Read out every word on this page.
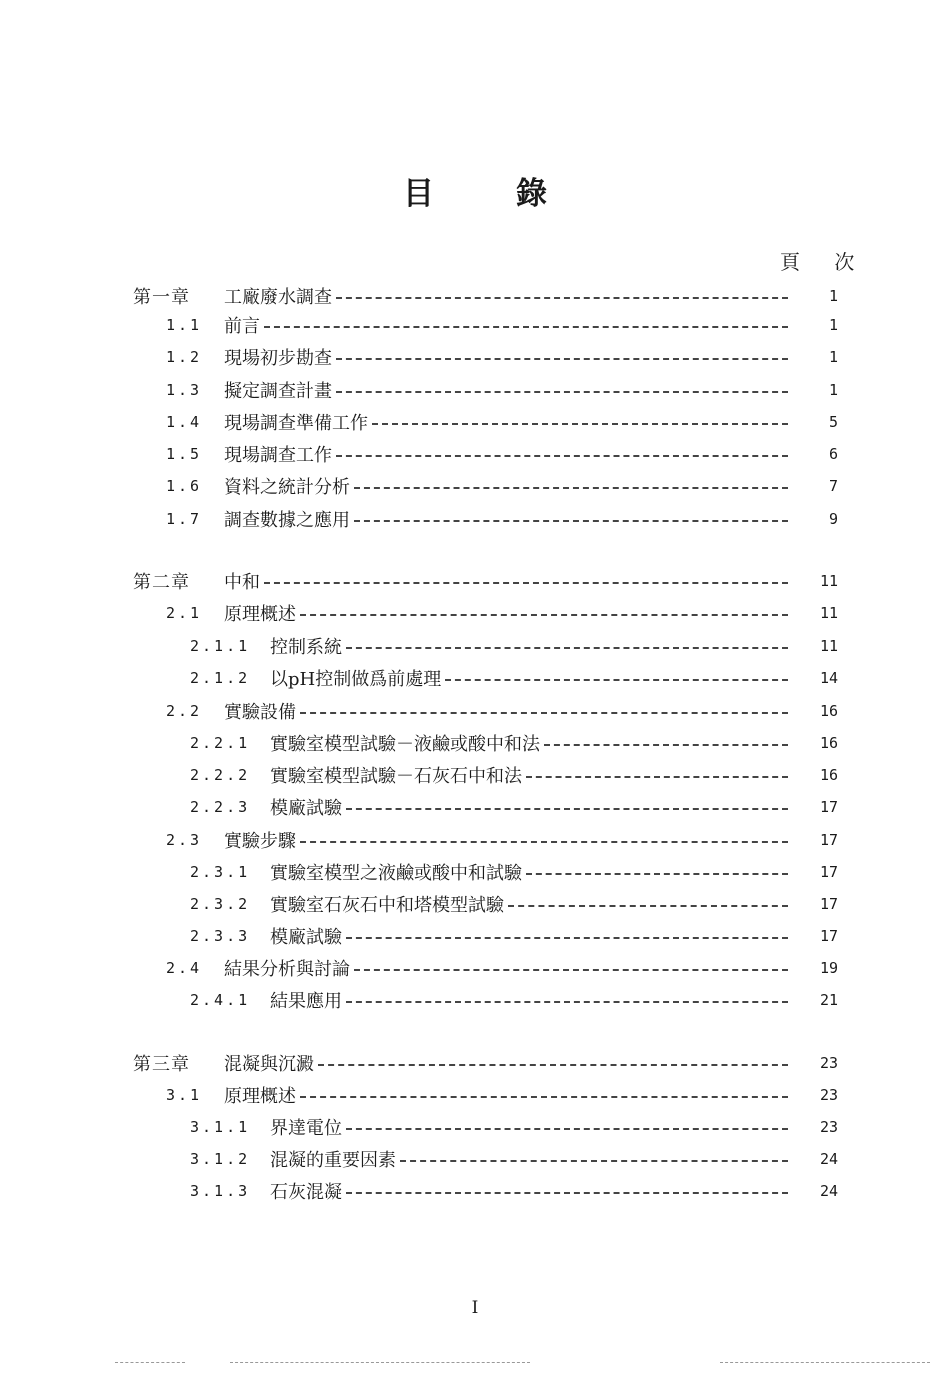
目	錄
頁 次
第一章 工廠廢水調查	1
1.1 前言	1
1.2 現場初步勘查	1
1.3 擬定調查計畫	1
1.4 現場調查準備工作	5
1.5 現場調查工作	6
1.6 資料之統計分析	7
1.7 調查數據之應用	9
第二章 中和	11
2.1 原理概述	11
2.1.1 控制系統	11
2.1.2 以pH控制做爲前處理	14
2.2 實驗設備	16
2.2.1 實驗室模型試驗－液鹼或酸中和法	16
2.2.2 實驗室模型試驗－石灰石中和法	16
2.2.3 模廠試驗	17
2.3 實驗步驟	17
2.3.1 實驗室模型之液鹼或酸中和試驗	17
2.3.2 實驗室石灰石中和塔模型試驗	17
2.3.3 模廠試驗	17
2.4 結果分析與討論	19
2.4.1 結果應用	21
第三章 混凝與沉澱	23
3.1 原理概述	23
3.1.1 界達電位	23
3.1.2 混凝的重要因素	24
3.1.3 石灰混凝	24
I
